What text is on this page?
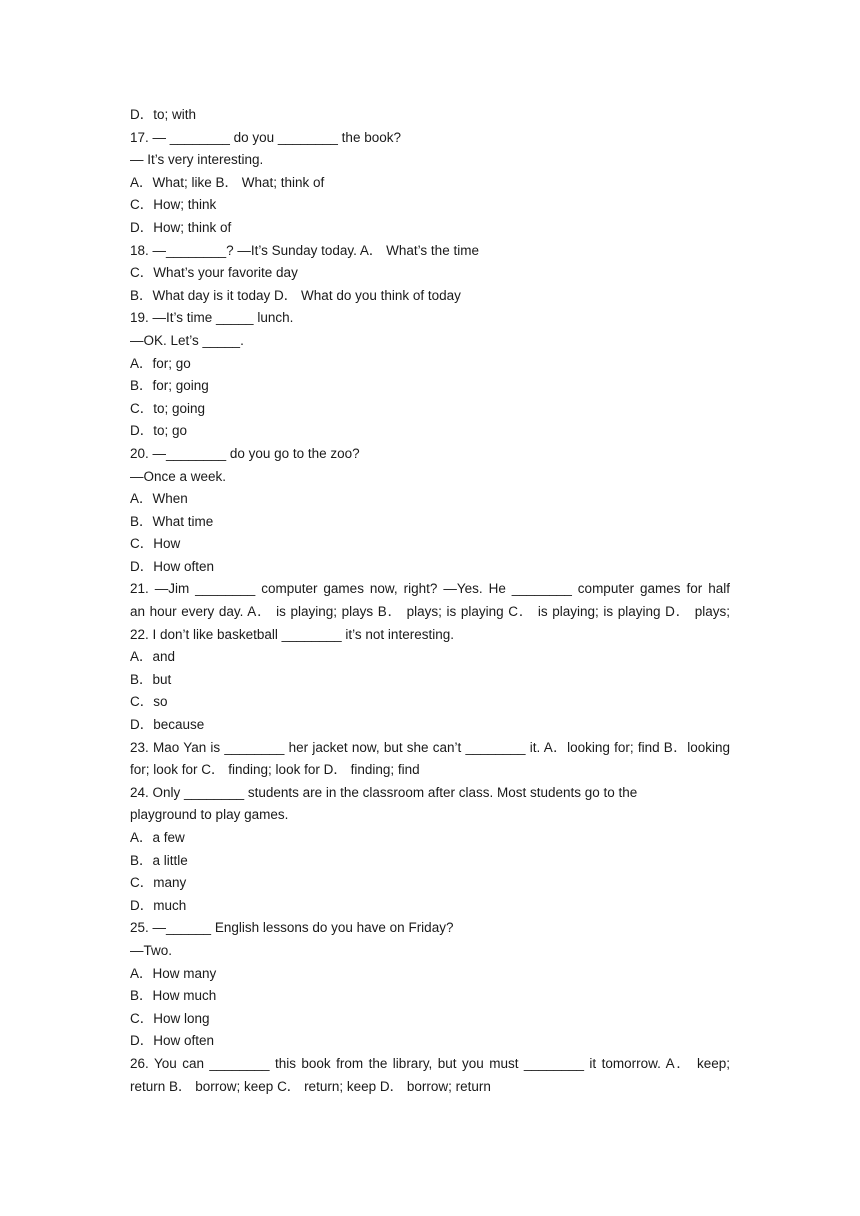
D．to; with
17. — ________ do you ________ the book?
— It’s very interesting.
A．What; like B． What; think of
C．How; think
D．How; think of
18. —________? —It’s Sunday today. A． What’s the time
C．What’s your favorite day
B．What day is it today D． What do you think of today
19. —It’s time _____ lunch.
—OK. Let’s _____.
A．for; go
B．for; going
C．to; going
D．to; go
20. —________ do you go to the zoo?
—Once a week.
A．When
B．What time
C．How
D．How often
21. —Jim ________ computer games now, right? —Yes. He ________ computer games for half
an hour every day. A． is playing; plays B． plays; is playing C． is playing; is playing D． plays;
22. I don’t like basketball ________ it’s not interesting.
A．and
B．but
C．so
D．because
23. Mao Yan is ________ her jacket now, but she can’t ________ it. A．looking for; find B．looking
for; look for C． finding; look for D． finding; find
24. Only ________ students are in the classroom after class. Most students go to the
playground to play games.
A．a few
B．a little
C．many
D．much
25. —______ English lessons do you have on Friday?
—Two.
A．How many
B．How much
C．How long
D．How often
26. You can ________ this book from the library, but you must ________ it tomorrow. A． keep;
return B． borrow; keep C． return; keep D． borrow; return
